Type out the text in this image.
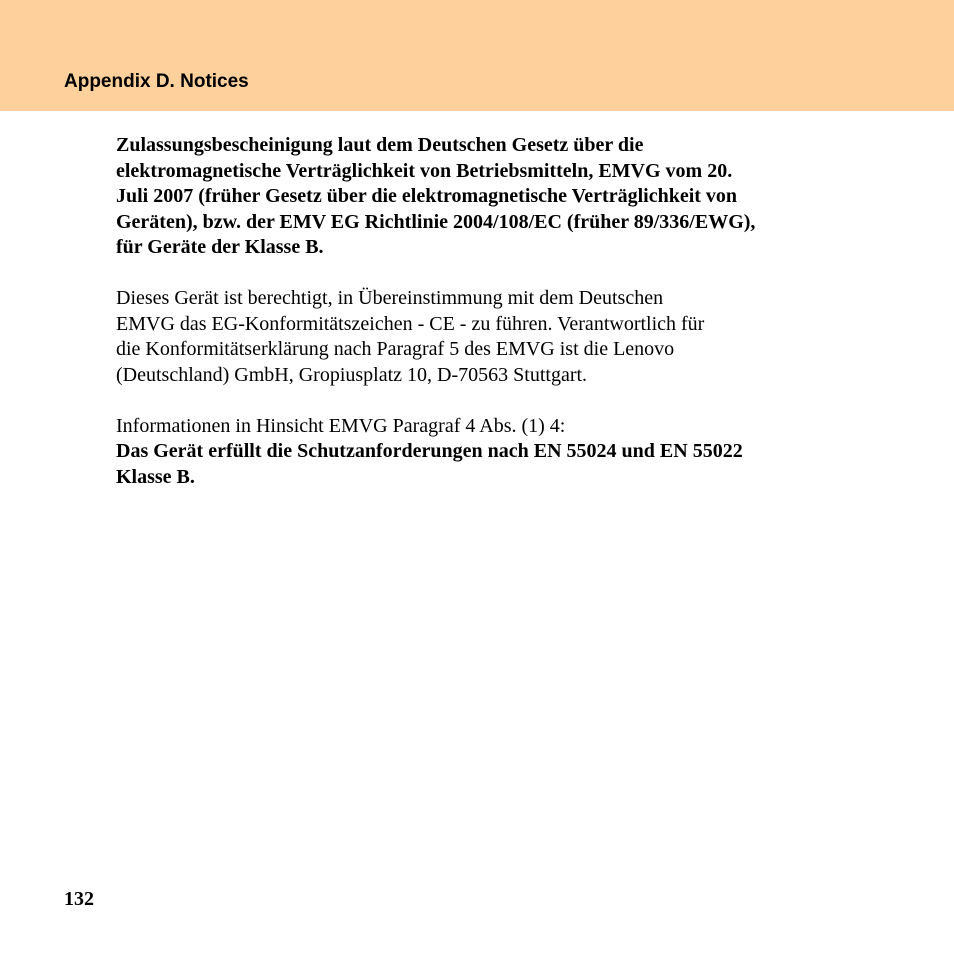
Appendix D. Notices

Zulassungsbescheinigung laut dem Deutschen Gesetz über die
elektromagnetische Verträglichkeit von Betriebsmitteln, EMVG vom 20.
Juli 2007 (früher Gesetz über die elektromagnetische Verträglichkeit von
Geräten), bzw. der EMV EG Richtlinie 2004/108/EC (früher 89/336/EWG),
für Geräte der Klasse B.

Dieses Gerät ist berechtigt, in Übereinstimmung mit dem Deutschen
EMVG das EG-Konformitätszeichen - CE - zu führen. Verantwortlich für
die Konformitätserklärung nach Paragraf 5 des EMVG ist die Lenovo
(Deutschland) GmbH, Gropiusplatz 10, D-70563 Stuttgart.

Informationen in Hinsicht EMVG Paragraf 4 Abs. (1) 4:
Das Gerät erfüllt die Schutzanforderungen nach EN 55024 und EN 55022
Klasse B.

132
